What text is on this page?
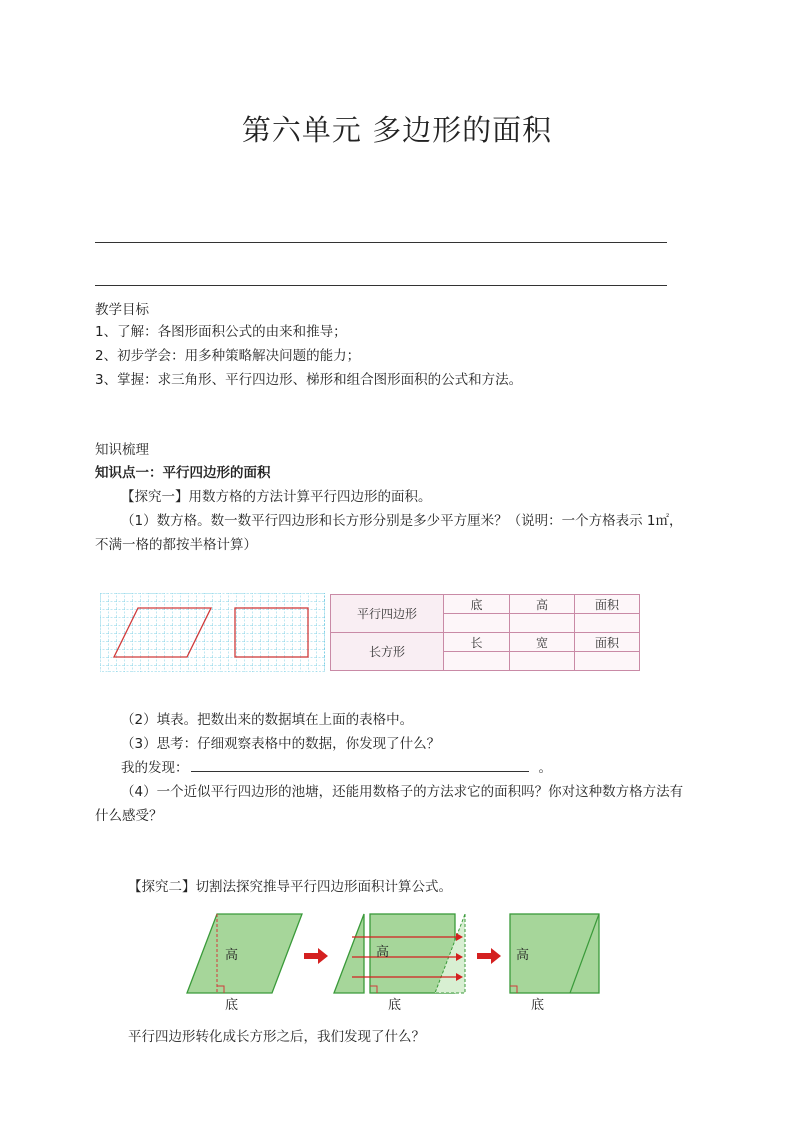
第六单元 多边形的面积
教学目标
1、了解：各图形面积公式的由来和推导；
2、初步学会：用多种策略解决问题的能力；
3、掌握：求三角形、平行四边形、梯形和组合图形面积的公式和方法。
知识梳理
知识点一：平行四边形的面积
【探究一】用数方格的方法计算平行四边形的面积。
（1）数方格。数一数平行四边形和长方形分别是多少平方厘米？（说明：一个方格表示 1㎡，
不满一格的都按半格计算）
平行四边形	底	高	面积

长方形	长	宽	面积

（2）填表。把数出来的数据填在上面的表格中。
（3）思考：仔细观察表格中的数据，你发现了什么？
我的发现：	。
（4）一个近似平行四边形的池塘，还能用数格子的方法求它的面积吗？你对这种数方格方法有
什么感受？
【探究二】切割法探究推导平行四边形面积计算公式。
高
底
高
底
高
底
平行四边形转化成长方形之后，我们发现了什么？
